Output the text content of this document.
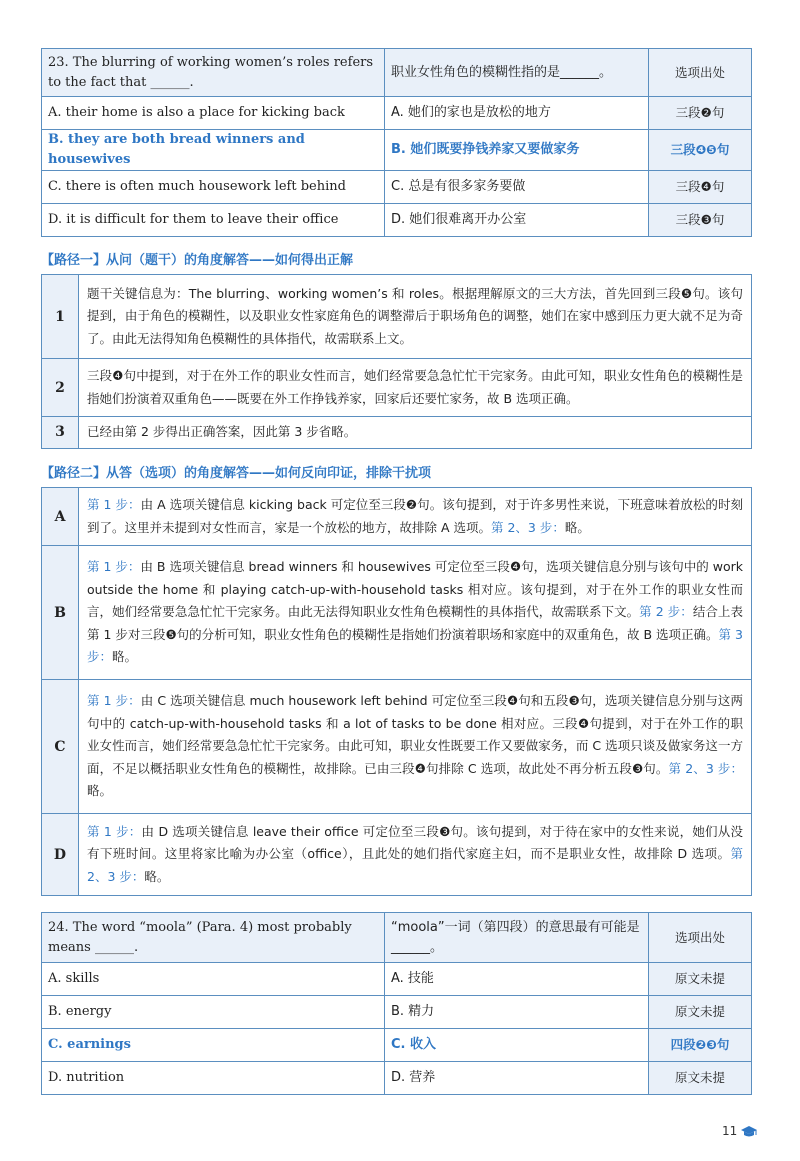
23. The blurring of working women’s roles refers to the fact that ______.	职业女性角色的模糊性指的是______。	选项出处
A. their home is also a place for kicking back	A. 她们的家也是放松的地方	三段❷句
B. they are both bread winners and housewives	B. 她们既要挣钱养家又要做家务	三段❹❺句
C. there is often much housework left behind	C. 总是有很多家务要做	三段❹句
D. it is difficult for them to leave their office	D. 她们很难离开办公室	三段❸句
【路径一】从问（题干）的角度解答——如何得出正解
1	题干关键信息为：The blurring、working women’s 和 roles。根据理解原文的三大方法，首先回到三段❺句。该句提到，由于角色的模糊性，以及职业女性家庭角色的调整滞后于职场角色的调整，她们在家中感到压力更大就不足为奇了。由此无法得知角色模糊性的具体指代，故需联系上文。
2	三段❹句中提到，对于在外工作的职业女性而言，她们经常要急急忙忙干完家务。由此可知，职业女性角色的模糊性是指她们扮演着双重角色——既要在外工作挣钱养家，回家后还要忙家务，故 B 选项正确。
3	已经由第 2 步得出正确答案，因此第 3 步省略。
【路径二】从答（选项）的角度解答——如何反向印证，排除干扰项
A	第 1 步：由 A 选项关键信息 kicking back 可定位至三段❷句。该句提到，对于许多男性来说，下班意味着放松的时刻到了。这里并未提到对女性而言，家是一个放松的地方，故排除 A 选项。第 2、3 步：略。
B	第 1 步：由 B 选项关键信息 bread winners 和 housewives 可定位至三段❹句，选项关键信息分别与该句中的 work outside the home 和 playing catch-up-with-household tasks 相对应。该句提到，对于在外工作的职业女性而言，她们经常要急急忙忙干完家务。由此无法得知职业女性角色模糊性的具体指代，故需联系下文。第 2 步：结合上表第 1 步对三段❺句的分析可知，职业女性角色的模糊性是指她们扮演着职场和家庭中的双重角色，故 B 选项正确。第 3 步：略。
C	第 1 步：由 C 选项关键信息 much housework left behind 可定位至三段❹句和五段❸句，选项关键信息分别与这两句中的 catch-up-with-household tasks 和 a lot of tasks to be done 相对应。三段❹句提到，对于在外工作的职业女性而言，她们经常要急急忙忙干完家务。由此可知，职业女性既要工作又要做家务，而 C 选项只谈及做家务这一方面，不足以概括职业女性角色的模糊性，故排除。已由三段❹句排除 C 选项，故此处不再分析五段❸句。第 2、3 步：略。
D	第 1 步：由 D 选项关键信息 leave their office 可定位至三段❸句。该句提到，对于待在家中的女性来说，她们从没有下班时间。这里将家比喻为办公室（office），且此处的她们指代家庭主妇，而不是职业女性，故排除 D 选项。第 2、3 步：略。
24. The word “moola” (Para. 4) most probably means ______.	“moola”一词（第四段）的意思最有可能是______。	选项出处
A. skills	A. 技能	原文未提
B. energy	B. 精力	原文未提
C. earnings	C. 收入	四段❷❸句
D. nutrition	D. 营养	原文未提
11
